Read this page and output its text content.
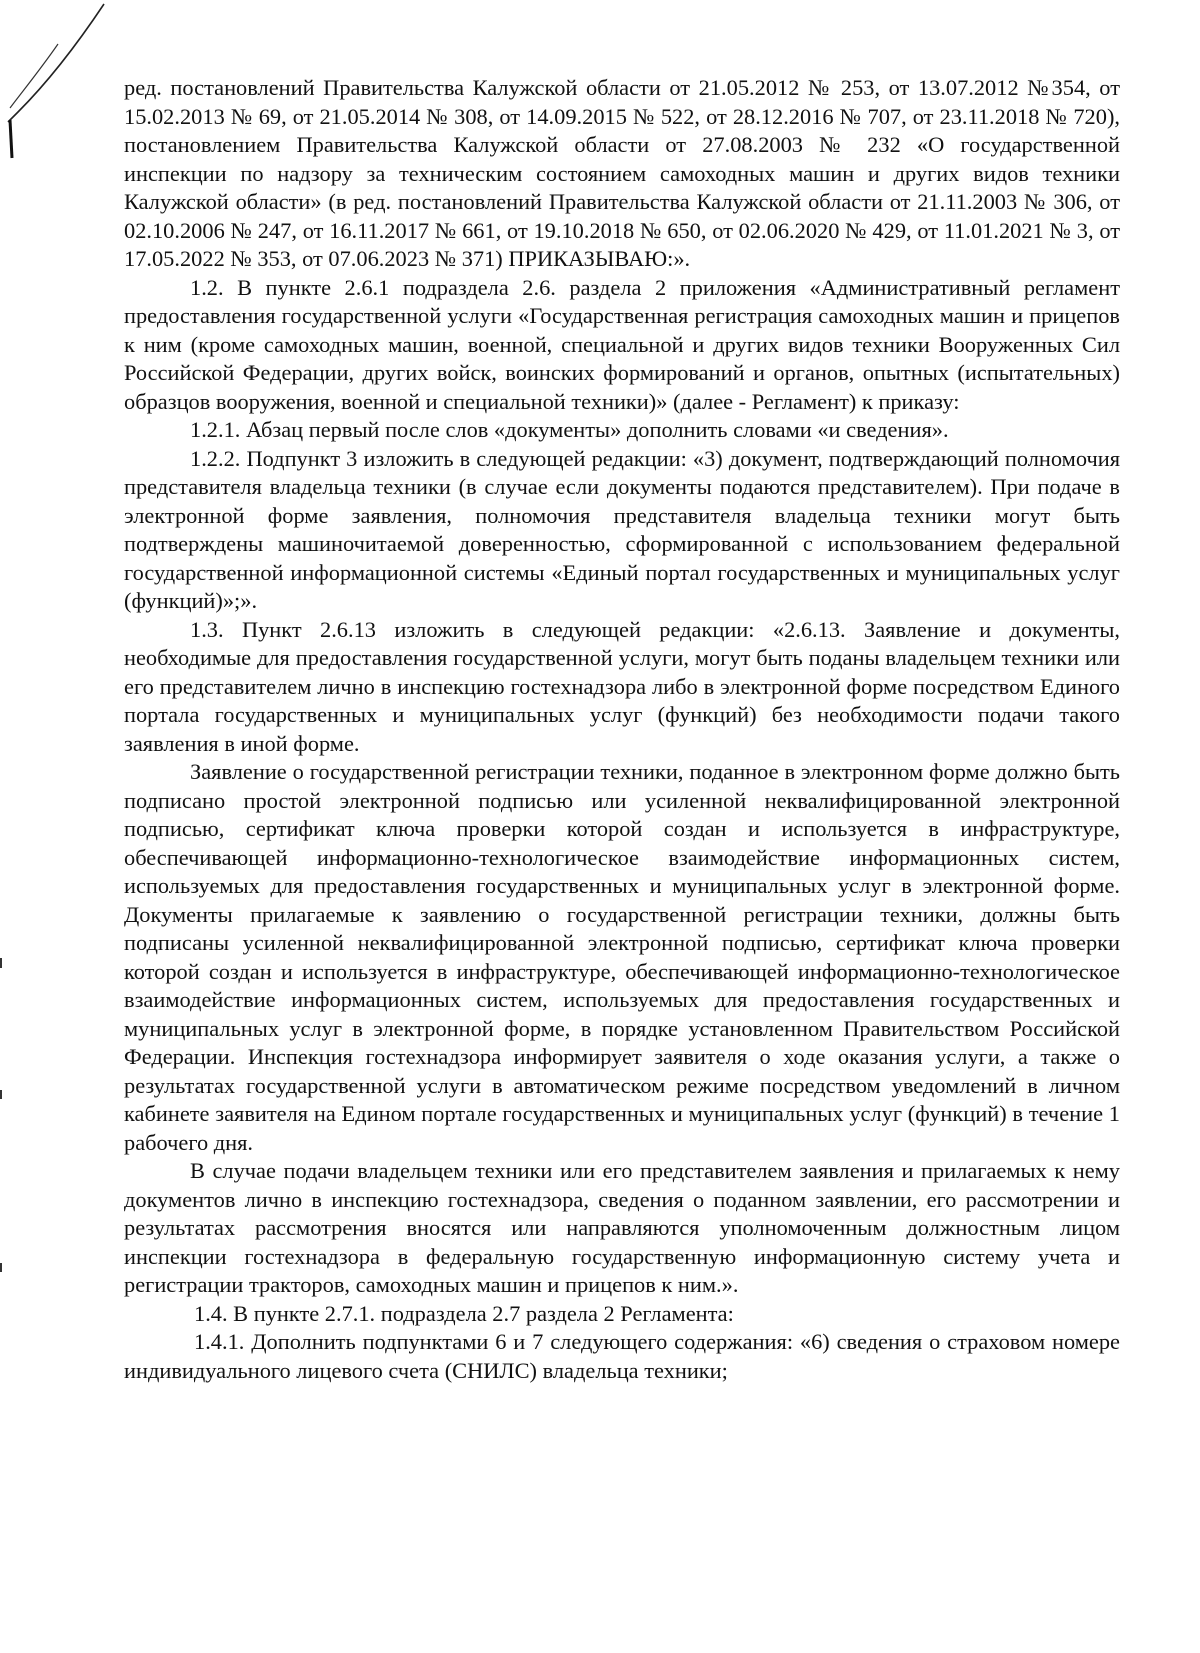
ред. постановлений Правительства Калужской области от 21.05.2012 № 253, от 13.07.2012 №354, от 15.02.2013 № 69, от 21.05.2014 № 308, от 14.09.2015 № 522, от 28.12.2016 № 707, от 23.11.2018 № 720), постановлением Правительства Калужской области от 27.08.2003 № 232 «О государственной инспекции по надзору за техническим состоянием самоходных машин и других видов техники Калужской области» (в ред. постановлений Правительства Калужской области от 21.11.2003 № 306, от 02.10.2006 № 247, от 16.11.2017 № 661, от 19.10.2018 № 650, от 02.06.2020 № 429, от 11.01.2021 № 3, от 17.05.2022 № 353, от 07.06.2023 № 371) ПРИКАЗЫВАЮ:».

1.2. В пункте 2.6.1 подраздела 2.6. раздела 2 приложения «Административный регламент предоставления государственной услуги «Государственная регистрация самоходных машин и прицепов к ним (кроме самоходных машин, военной, специальной и других видов техники Вооруженных Сил Российской Федерации, других войск, воинских формирований и органов, опытных (испытательных) образцов вооружения, военной и специальной техники)» (далее - Регламент) к приказу:

1.2.1. Абзац первый после слов «документы» дополнить словами «и сведения».

1.2.2. Подпункт 3 изложить в следующей редакции: «3) документ, подтверждающий полномочия представителя владельца техники (в случае если документы подаются представителем). При подаче в электронной форме заявления, полномочия представителя владельца техники могут быть подтверждены машиночитаемой доверенностью, сформированной с использованием федеральной государственной информационной системы «Единый портал государственных и муниципальных услуг (функций)»;».

1.3. Пункт 2.6.13 изложить в следующей редакции: «2.6.13. Заявление и документы, необходимые для предоставления государственной услуги, могут быть поданы владельцем техники или его представителем лично в инспекцию гостехнадзора либо в электронной форме посредством Единого портала государственных и муниципальных услуг (функций) без необходимости подачи такого заявления в иной форме.

Заявление о государственной регистрации техники, поданное в электронном форме должно быть подписано простой электронной подписью или усиленной неквалифицированной электронной подписью, сертификат ключа проверки которой создан и используется в инфраструктуре, обеспечивающей информационно-технологическое взаимодействие информационных систем, используемых для предоставления государственных и муниципальных услуг в электронной форме. Документы прилагаемые к заявлению о государственной регистрации техники, должны быть подписаны усиленной неквалифицированной электронной подписью, сертификат ключа проверки которой создан и используется в инфраструктуре, обеспечивающей информационно-технологическое взаимодействие информационных систем, используемых для предоставления государственных и муниципальных услуг в электронной форме, в порядке установленном Правительством Российской Федерации. Инспекция гостехнадзора информирует заявителя о ходе оказания услуги, а также о результатах государственной услуги в автоматическом режиме посредством уведомлений в личном кабинете заявителя на Едином портале государственных и муниципальных услуг (функций) в течение 1 рабочего дня.

В случае подачи владельцем техники или его представителем заявления и прилагаемых к нему документов лично в инспекцию гостехнадзора, сведения о поданном заявлении, его рассмотрении и результатах рассмотрения вносятся или направляются уполномоченным должностным лицом инспекции гостехнадзора в федеральную государственную информационную систему учета и регистрации тракторов, самоходных машин и прицепов к ним.».

1.4. В пункте 2.7.1. подраздела 2.7 раздела 2 Регламента:

1.4.1. Дополнить подпунктами 6 и 7 следующего содержания: «6) сведения о страховом номере индивидуального лицевого счета (СНИЛС) владельца техники;
